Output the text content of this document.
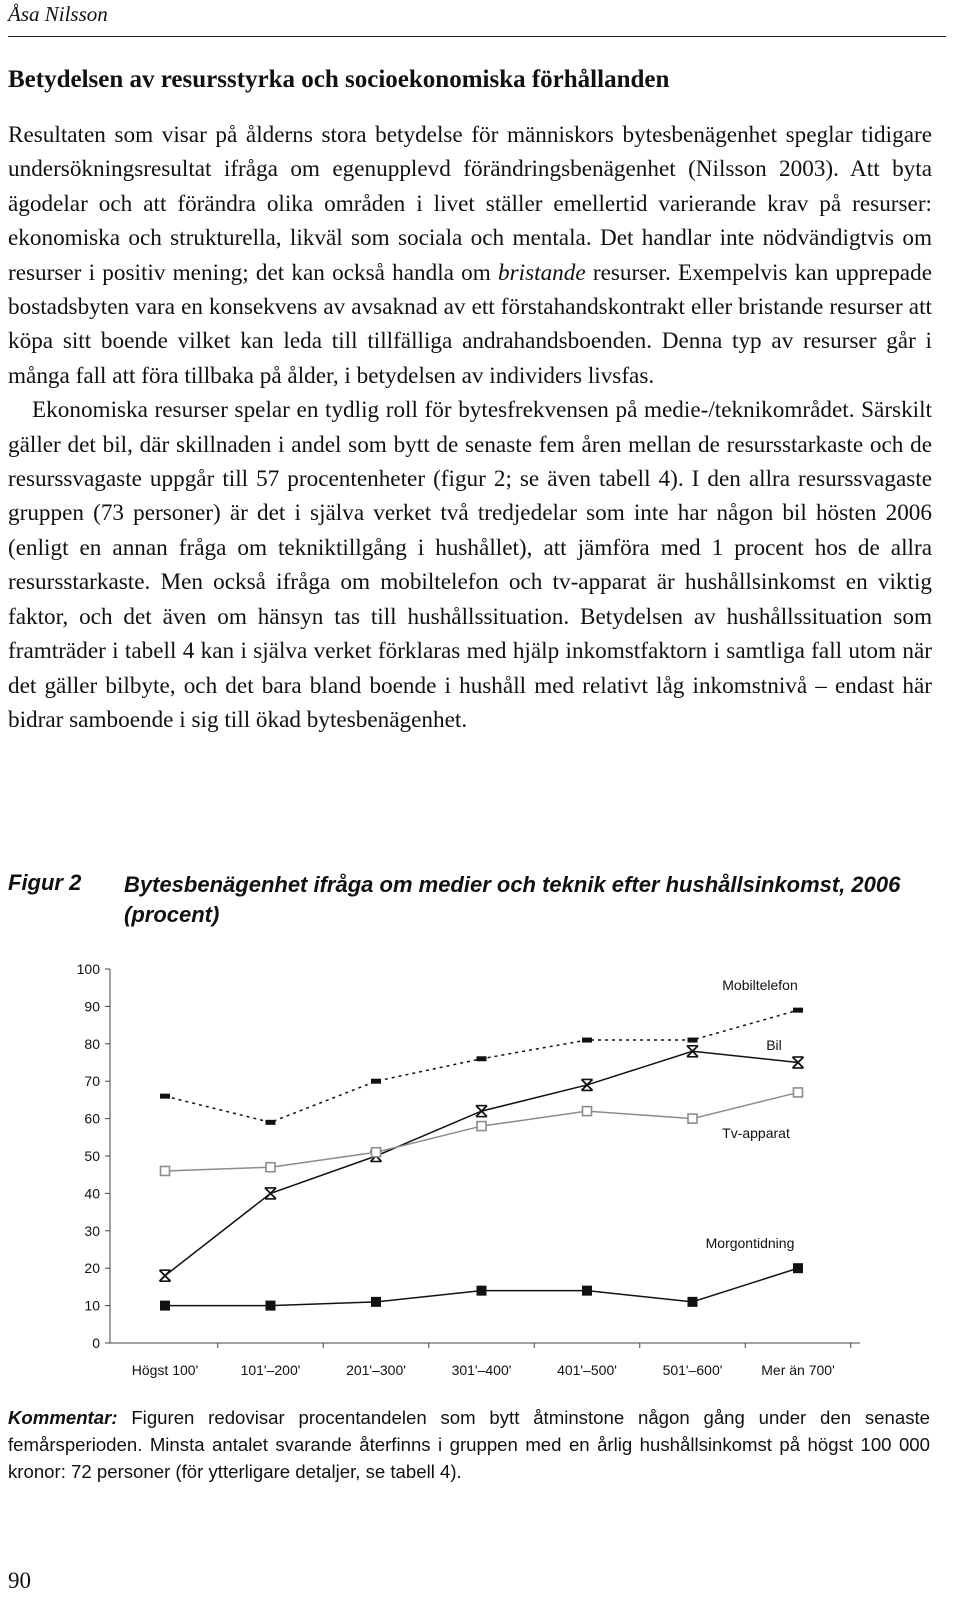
Åsa Nilsson
Betydelsen av resursstyrka och socioekonomiska förhållanden

Resultaten som visar på ålderns stora betydelse för människors bytesbenägenhet speglar tidigare undersökningsresultat ifråga om egenupplevd förändringsbenägenhet (Nilsson 2003). Att byta ägodelar och att förändra olika områden i livet ställer emellertid varierande krav på resurser: ekonomiska och strukturella, likväl som sociala och mentala. Det handlar inte nödvändigtvis om resurser i positiv mening; det kan också handla om bristande resurser. Exempelvis kan upprepade bostadsbyten vara en konsekvens av avsaknad av ett förstahandskontrakt eller bristande resurser att köpa sitt boende vilket kan leda till tillfälliga andrahandsboenden. Denna typ av resurser går i många fall att föra tillbaka på ålder, i betydelsen av individers livsfas.

Ekonomiska resurser spelar en tydlig roll för bytesfrekvensen på medie-/teknikområdet. Särskilt gäller det bil, där skillnaden i andel som bytt de senaste fem åren mellan de resursstarkaste och de resurssvagaste uppgår till 57 procentenheter (figur 2; se även tabell 4). I den allra resurssvagaste gruppen (73 personer) är det i själva verket två tredjedelar som inte har någon bil hösten 2006 (enligt en annan fråga om tekniktillgång i hushållet), att jämföra med 1 procent hos de allra resursstarkaste. Men också ifråga om mobiltelefon och tv-apparat är hushållsinkomst en viktig faktor, och det även om hänsyn tas till hushållssituation. Betydelsen av hushållssituation som framträder i tabell 4 kan i själva verket förklaras med hjälp inkomstfaktorn i samtliga fall utom när det gäller bilbyte, och det bara bland boende i hushåll med relativt låg inkomstnivå – endast här bidrar samboende i sig till ökad bytesbenägenhet.

Figur 2 Bytesbenägenhet ifråga om medier och teknik efter hushållsinkomst, 2006 (procent)
0
10
20
30
40
50
60
70
80
90
100
Högst 100'	101'–200'	201'–300'	301'–400'	401'–500'	501'–600'	Mer än 700'
Mobiltelefon
Bil
Tv-apparat
Morgontidning
Kommentar: Figuren redovisar procentandelen som bytt åtminstone någon gång under den senaste femårsperioden. Minsta antalet svarande återfinns i gruppen med en årlig hushållsinkomst på högst 100 000 kronor: 72 personer (för ytterligare detaljer, se tabell 4).
90
